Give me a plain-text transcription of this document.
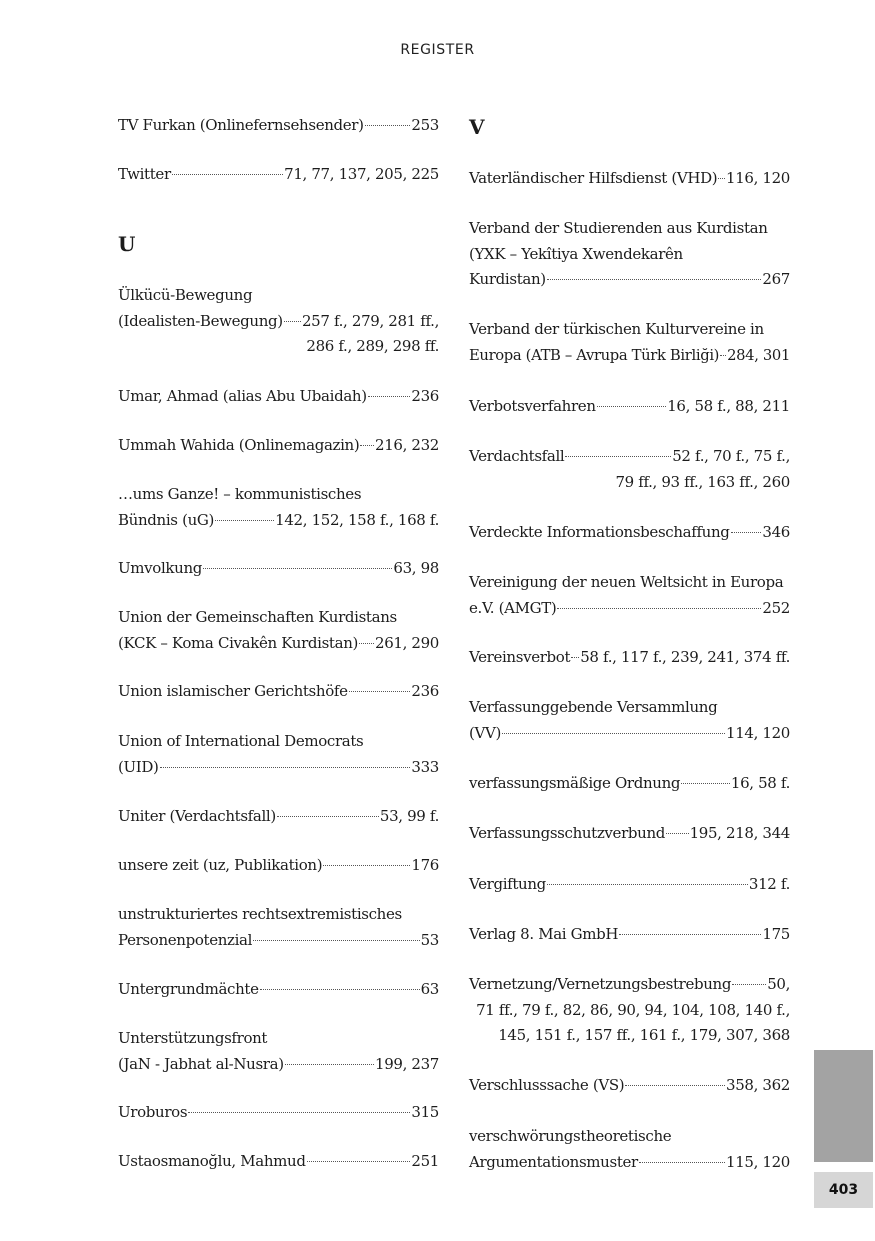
REGISTER
TV Furkan (Onlinefernsehsender)	253
Twitter	71, 77, 137, 205, 225
U
Ülkücü-Bewegung
(Idealisten-Bewegung) 257 f., 279, 281 ff.,
286 f., 289, 298 ff.
Umar, Ahmad (alias Abu Ubaidah)	236
Ummah Wahida (Onlinemagazin) 216, 232
…ums Ganze! – kommunistisches
Bündnis (uG)	142, 152, 158 f., 168 f.
Umvolkung	63, 98
Union der Gemeinschaften Kurdistans
(KCK – Koma Civakên Kurdistan) 261, 290
Union islamischer Gerichtshöfe	236
Union of International Democrats
(UID)	333
Uniter (Verdachtsfall)	53, 99 f.
unsere zeit (uz, Publikation)	176
unstrukturiertes rechtsextremistisches
Personenpotenzial	53
Untergrundmächte	63
Unterstützungsfront
(JaN - Jabhat al-Nusra)	199, 237
Uroburos	315
Ustaosmanoğlu, Mahmud	251
V
Vaterländischer Hilfsdienst (VHD) 116, 120
Verband der Studierenden aus Kurdistan
(YXK – Yekîtiya Xwendekarên
Kurdistan)	267
Verband der türkischen Kulturvereine in
Europa (ATB – Avrupa Türk Birliği) 284, 301
Verbotsverfahren	16, 58 f., 88, 211
Verdachtsfall	52 f., 70 f., 75 f.,
79 ff., 93 ff., 163 ff., 260
Verdeckte Informationsbeschaffung 346
Vereinigung der neuen Weltsicht in Europa
e.V. (AMGT)	252
Vereinsverbot 58 f., 117 f., 239, 241, 374 ff.
Verfassunggebende Versammlung
(VV)	114, 120
verfassungsmäßige Ordnung	16, 58 f.
Verfassungsschutzverbund 195, 218, 344
Vergiftung	312 f.
Verlag 8. Mai GmbH	175
Vernetzung/Vernetzungsbestrebung 50,
71 ff., 79 f., 82, 86, 90, 94, 104, 108, 140 f.,
145, 151 f., 157 ff., 161 f., 179, 307, 368
Verschlusssache (VS)	358, 362
verschwörungstheoretische
Argumentationsmuster	115, 120
403
